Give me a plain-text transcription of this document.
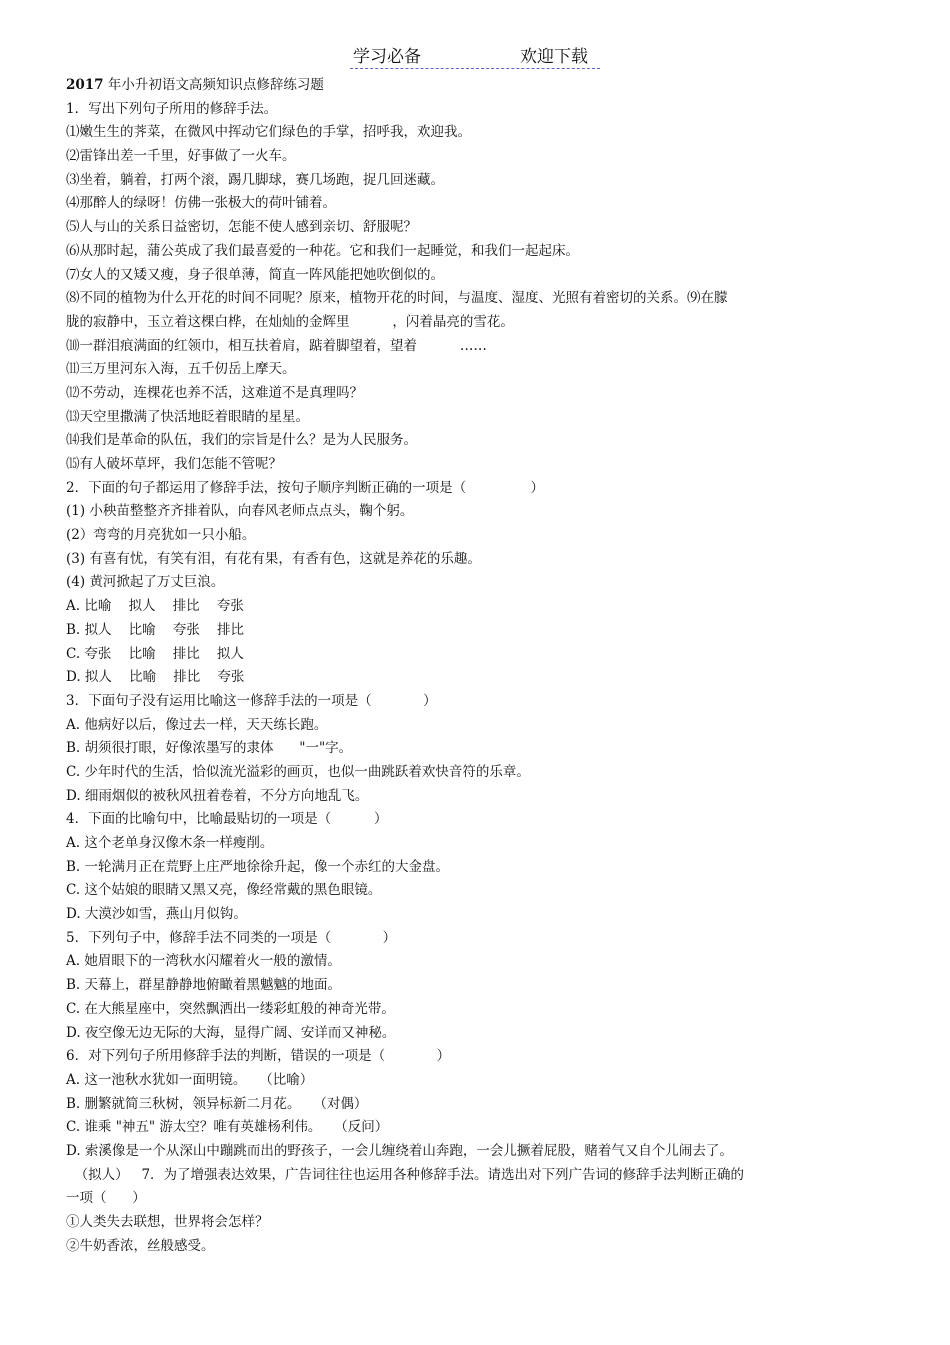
学习必备	欢迎下载
2017 年小升初语文高频知识点修辞练习题
1．写出下列句子所用的修辞手法。
⑴嫩生生的荠菜，在微风中挥动它们绿色的手掌，招呼我，欢迎我。
⑵雷锋出差一千里，好事做了一火车。
⑶坐着，躺着，打两个滚，踢几脚球，赛几场跑，捉几回迷藏。
⑷那醉人的绿呀！仿佛一张极大的荷叶铺着。
⑸人与山的关系日益密切，怎能不使人感到亲切、舒服呢？
⑹从那时起，蒲公英成了我们最喜爱的一种花。它和我们一起睡觉，和我们一起起床。
⑺女人的又矮又瘦，身子很单薄，简直一阵风能把她吹倒似的。
⑻不同的植物为什么开花的时间不同呢？原来，植物开花的时间，与温度、湿度、光照有着密切的关系。⑼在朦
胧的寂静中，玉立着这棵白桦，在灿灿的金辉里          ，闪着晶亮的雪花。
⑽一群泪痕满面的红领巾，相互扶着肩，踮着脚望着，望着          ……
⑾三万里河东入海，五千仞岳上摩天。
⑿不劳动，连棵花也养不活，这难道不是真理吗？
⒀天空里撒满了快活地眨着眼睛的星星。
⒁我们是革命的队伍，我们的宗旨是什么？是为人民服务。
⒂有人破坏草坪，我们怎能不管呢？
2．下面的句子都运用了修辞手法，按句子顺序判断正确的一项是（               ）
(1) 小秧苗整整齐齐排着队，向春风老师点点头，鞠个躬。
(2）弯弯的月亮犹如一只小船。
(3) 有喜有忧，有笑有泪，有花有果，有香有色，这就是养花的乐趣。
(4) 黄河掀起了万丈巨浪。
A. 比喻    拟人    排比    夸张
B. 拟人    比喻    夸张    排比
C. 夸张    比喻    排比    拟人
D. 拟人    比喻    排比    夸张
3．下面句子没有运用比喻这一修辞手法的一项是（            ）
A. 他病好以后，像过去一样，天天练长跑。
B. 胡须很打眼，好像浓墨写的隶体      "一"字。
C. 少年时代的生活，恰似流光溢彩的画页，也似一曲跳跃着欢快音符的乐章。
D. 细雨烟似的被秋风扭着卷着，不分方向地乱飞。
4．下面的比喻句中，比喻最贴切的一项是（          ）
A. 这个老单身汉像木条一样瘦削。
B. 一轮满月正在荒野上庄严地徐徐升起，像一个赤红的大金盘。
C. 这个姑娘的眼睛又黑又亮，像经常戴的黑色眼镜。
D. 大漠沙如雪，燕山月似钩。
5．下列句子中，修辞手法不同类的一项是（            ）
A. 她眉眼下的一湾秋水闪耀着火一般的激情。
B. 天幕上，群星静静地俯瞰着黑魆魆的地面。
C. 在大熊星座中，突然飘洒出一缕彩虹般的神奇光带。
D. 夜空像无边无际的大海，显得广阔、安详而又神秘。
6．对下列句子所用修辞手法的判断，错误的一项是（            ）
A. 这一池秋水犹如一面明镜。   （比喻）
B. 删繁就简三秋树，领异标新二月花。   （对偶）
C. 谁乘 "神五" 游太空？唯有英雄杨利伟。   （反问）
D. 索溪像是一个从深山中蹦跳而出的野孩子，一会儿缠绕着山奔跑，一会儿撅着屁股，赌着气又自个儿闹去了。
（拟人）   7．为了增强表达效果，广告词往往也运用各种修辞手法。请选出对下列广告词的修辞手法判断正确的
一项（      ）
①人类失去联想，世界将会怎样？
②牛奶香浓，丝般感受。
